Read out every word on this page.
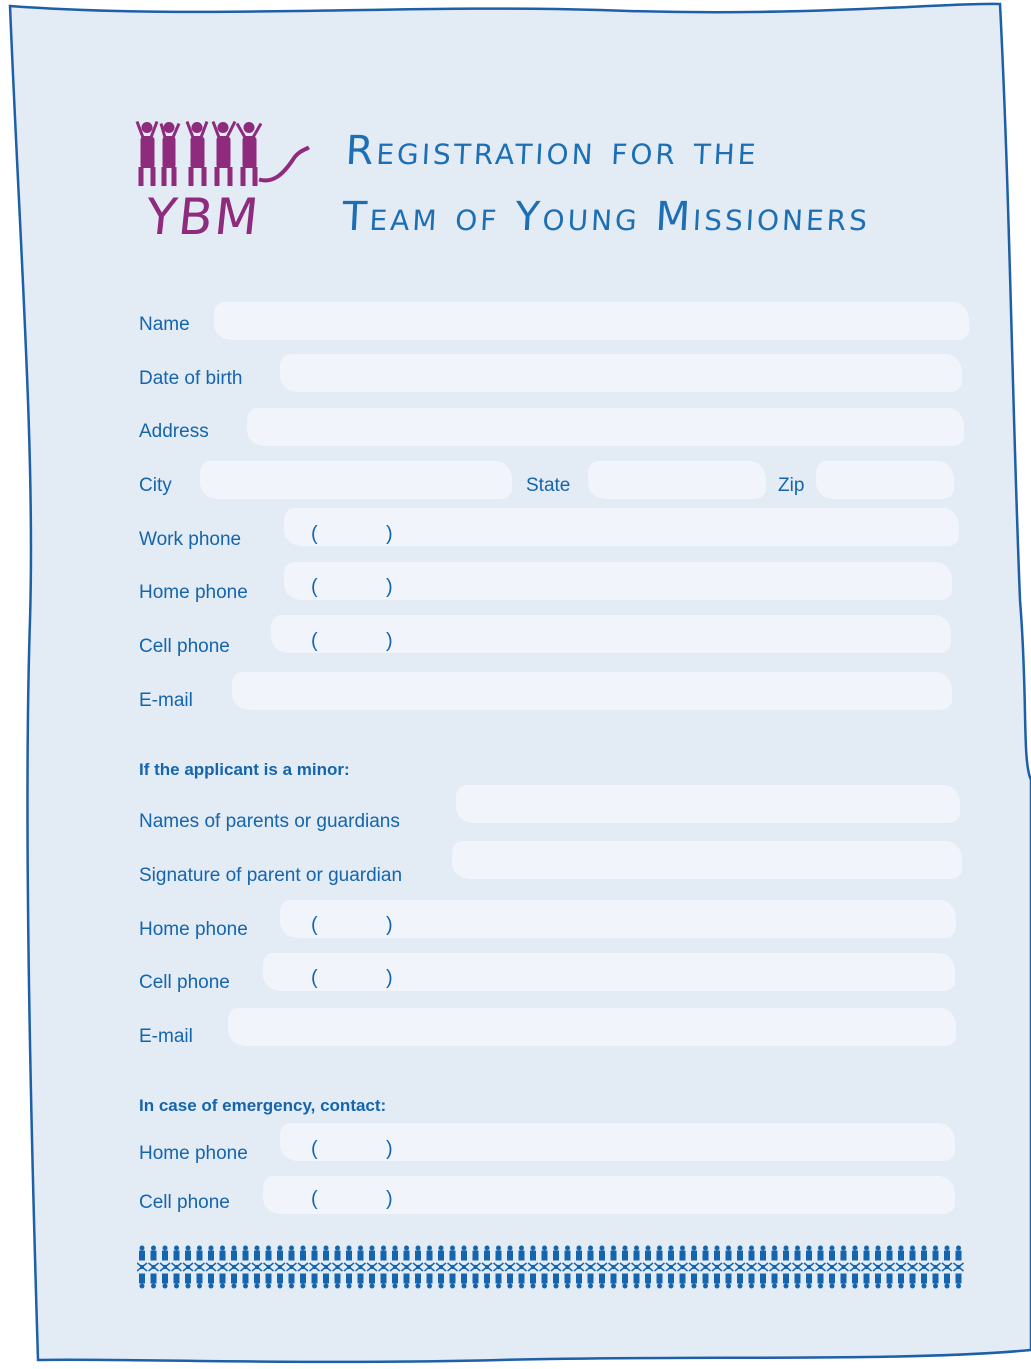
YBM
Registration for the
Team of Young Missioners
Name
Date of birth
Address
City	State	Zip
Work phone	(	)
Home phone	(	)
Cell phone	(	)
E-mail
If the applicant is a minor:
Names of parents or guardians
Signature of parent or guardian
Home phone	(	)
Cell phone	(	)
E-mail
In case of emergency, contact:
Home phone	(	)
Cell phone	(	)
